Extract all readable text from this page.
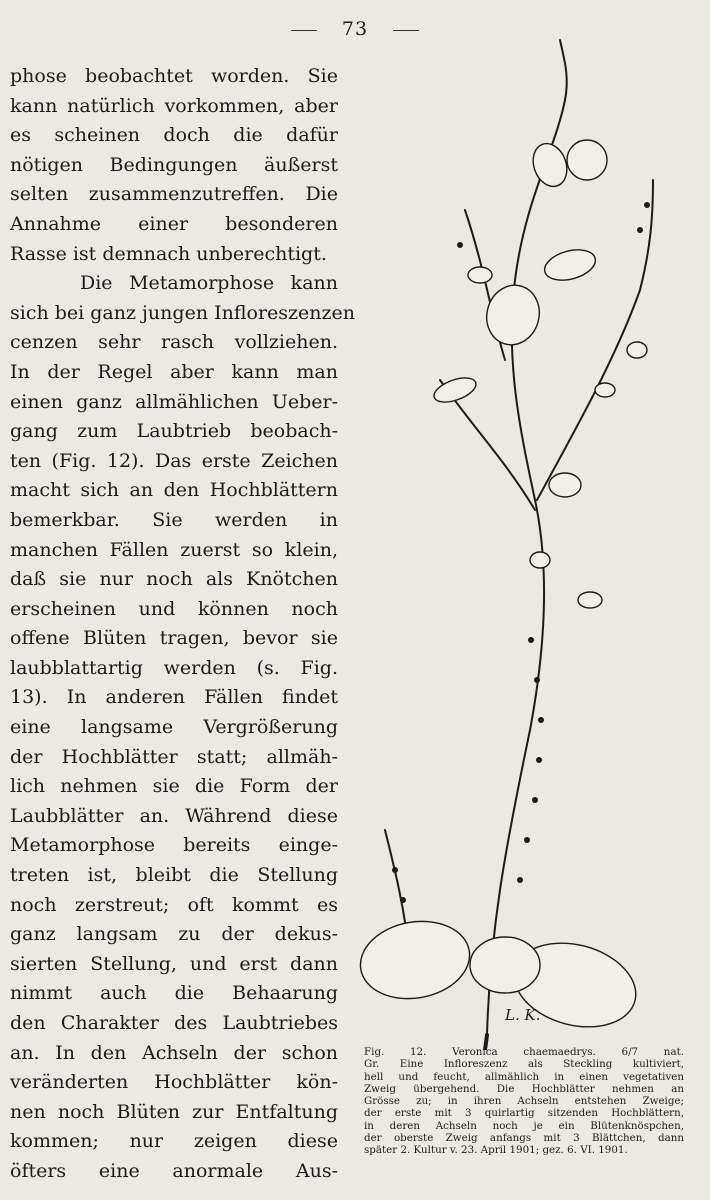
73
phose beobachtet worden. Sie
kann natürlich vorkommen, aber
es scheinen doch die dafür
nötigen Bedingungen äußerst
selten zusammenzutreffen. Die
Annahme einer besonderen
Rasse ist demnach unberechtigt.
Die Metamorphose kann
sich bei ganz jungen Infloreszenzen
cenzen sehr rasch vollziehen.
In der Regel aber kann man
einen ganz allmählichen Ueber-
gang zum Laubtrieb beobach-
ten (Fig. 12). Das erste Zeichen
macht sich an den Hochblättern
bemerkbar. Sie werden in
manchen Fällen zuerst so klein,
daß sie nur noch als Knötchen
erscheinen und können noch
offene Blüten tragen, bevor sie
laubblattartig werden (s. Fig.
13). In anderen Fällen findet
eine langsame Vergrößerung
der Hochblätter statt; allmäh-
lich nehmen sie die Form der
Laubblätter an. Während diese
Metamorphose bereits einge-
treten ist, bleibt die Stellung
noch zerstreut; oft kommt es
ganz langsam zu der dekus-
sierten Stellung, und erst dann
nimmt auch die Behaarung
den Charakter des Laubtriebes
an. In den Achseln der schon
veränderten Hochblätter kön-
nen noch Blüten zur Entfaltung
kommen; nur zeigen diese
öfters eine anormale Aus-
L. K.
Fig. 12. Veronica chaemaedrys. 6/7 nat.
Gr. Eine Infloreszenz als Steckling kultiviert,
hell und feucht, allmählich in einen vegetativen
Zweig übergehend. Die Hochblätter nehmen an
Grösse zu; in ihren Achseln entstehen Zweige;
der erste mit 3 quirlartig sitzenden Hochblättern,
in deren Achseln noch je ein Blütenknöspchen,
der oberste Zweig anfangs mit 3 Blättchen, dann
später 2. Kultur v. 23. April 1901; gez. 6. VI. 1901.
